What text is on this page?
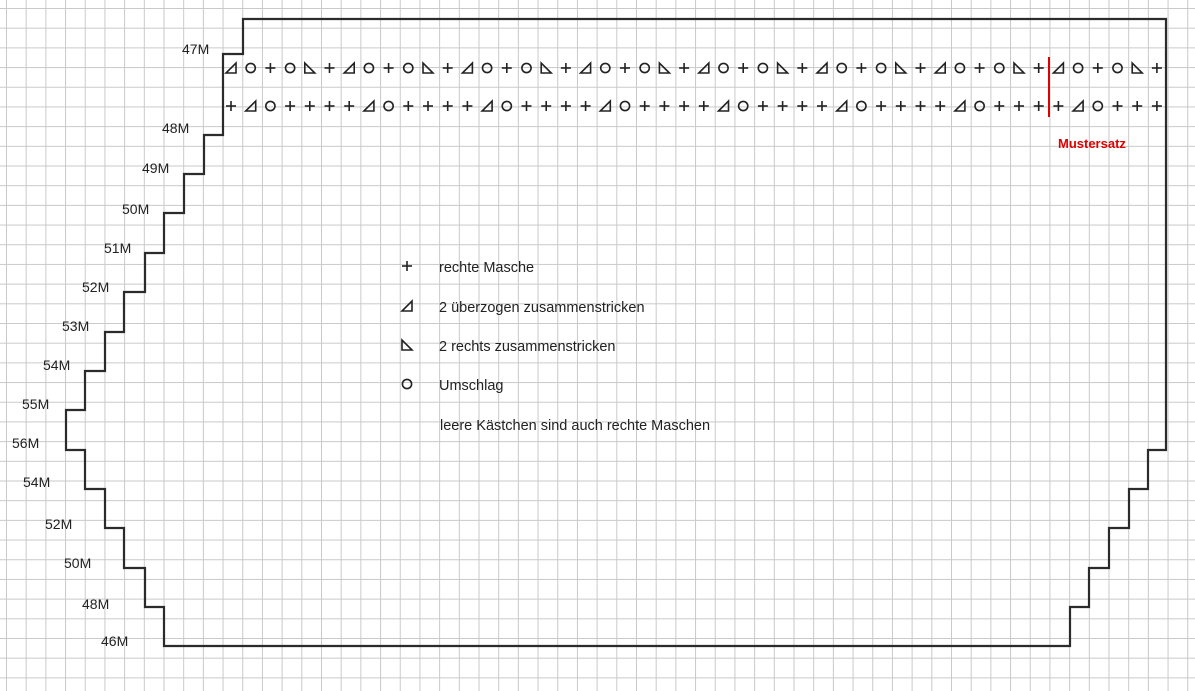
47M
48M
49M
50M
51M
52M
53M
54M
55M
56M
54M
52M
50M
48M
46M
Mustersatz
rechte Masche
2 überzogen zusammenstricken
2 rechts zusammenstricken
Umschlag
leere Kästchen sind auch rechte Maschen
